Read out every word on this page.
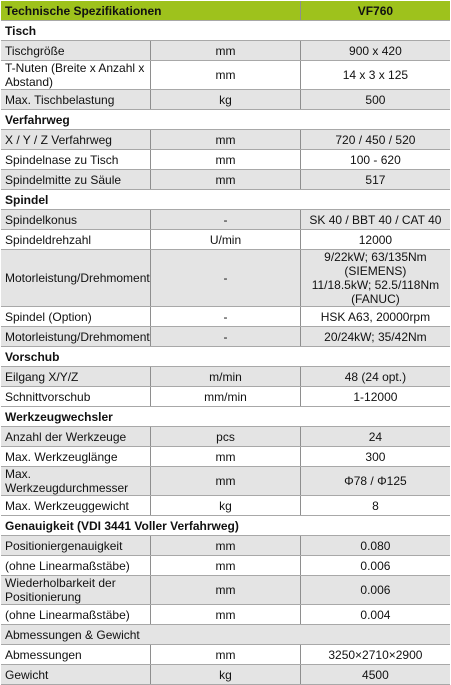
Technische Spezifikationen		VF760
Tisch		
Tischgröße	mm	900 x 420
T-Nuten (Breite x Anzahl x Abstand)	mm	14 x 3 x 125
Max. Tischbelastung	kg	500
Verfahrweg		
X / Y / Z Verfahrweg	mm	720 / 450 / 520
Spindelnase zu Tisch	mm	100 - 620
Spindelmitte zu Säule	mm	517
Spindel		
Spindelkonus	-	SK 40 / BBT 40 / CAT 40
Spindeldrehzahl	U/min	12000
Motorleistung/Drehmoment	-	9/22kW; 63/135Nm (SIEMENS)
11/18.5kW; 52.5/118Nm (FANUC)
Spindel (Option)	-	HSK A63, 20000rpm
Motorleistung/Drehmoment	-	20/24kW; 35/42Nm
Vorschub		
Eilgang X/Y/Z	m/min	48 (24 opt.)
Schnittvorschub	mm/min	1-12000
Werkzeugwechsler		
Anzahl der Werkzeuge	pcs	24
Max. Werkzeuglänge	mm	300
Max. Werkzeugdurchmesser	mm	Φ78 / Φ125
Max. Werkzeuggewicht	kg	8
Genauigkeit (VDI 3441 Voller Verfahrweg)		
Positioniergenauigkeit	mm	0.080
(ohne Linearmaßstäbe)	mm	0.006
Wiederholbarkeit der
Positionierung	mm	0.006
(ohne Linearmaßstäbe)	mm	0.004
Abmessungen & Gewicht		
Abmessungen	mm	3250×2710×2900
Gewicht	kg	4500
